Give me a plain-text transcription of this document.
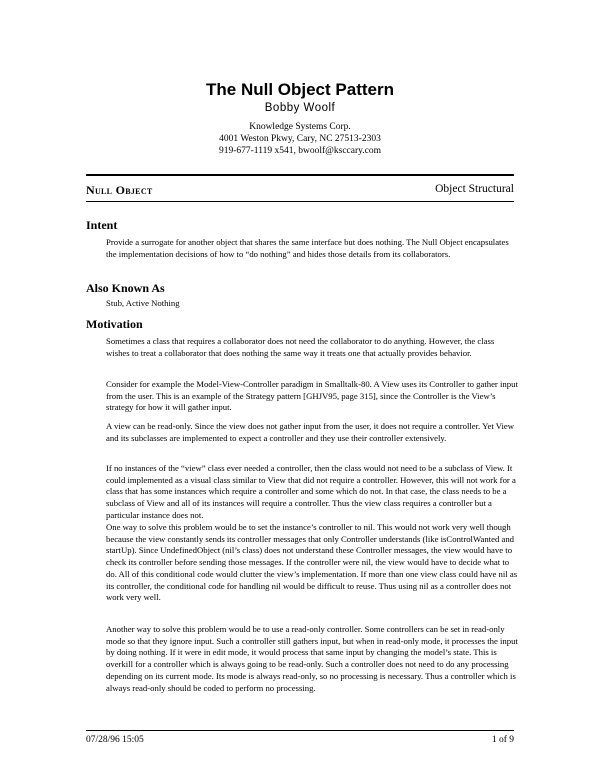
The Null Object Pattern
Bobby Woolf
Knowledge Systems Corp.
4001 Weston Pkwy, Cary, NC 27513-2303
919-677-1119 x541, bwoolf@ksccary.com
Null Object	Object Structural
Intent

Provide a surrogate for another object that shares the same interface but does nothing. The Null Object encapsulates the implementation decisions of how to “do nothing” and hides those details from its collaborators.

Also Known As

Stub, Active Nothing

Motivation

Sometimes a class that requires a collaborator does not need the collaborator to do anything. However, the class wishes to treat a collaborator that does nothing the same way it treats one that actually provides behavior.

Consider for example the Model-View-Controller paradigm in Smalltalk-80. A View uses its Controller to gather input from the user. This is an example of the Strategy pattern [GHJV95, page 315], since the Controller is the View’s strategy for how it will gather input.

A view can be read-only. Since the view does not gather input from the user, it does not require a controller. Yet View and its subclasses are implemented to expect a controller and they use their controller extensively.

If no instances of the “view” class ever needed a controller, then the class would not need to be a subclass of View. It could implemented as a visual class similar to View that did not require a controller. However, this will not work for a class that has some instances which require a controller and some which do not. In that case, the class needs to be a subclass of View and all of its instances will require a controller. Thus the view class requires a controller but a particular instance does not.

One way to solve this problem would be to set the instance’s controller to nil. This would not work very well though because the view constantly sends its controller messages that only Controller understands (like isControlWanted and startUp). Since UndefinedObject (nil’s class) does not understand these Controller messages, the view would have to check its controller before sending those messages. If the controller were nil, the view would have to decide what to do. All of this conditional code would clutter the view’s implementation. If more than one view class could have nil as its controller, the conditional code for handling nil would be difficult to reuse. Thus using nil as a controller does not work very well.

Another way to solve this problem would be to use a read-only controller. Some controllers can be set in read-only mode so that they ignore input. Such a controller still gathers input, but when in read-only mode, it processes the input by doing nothing. If it were in edit mode, it would process that same input by changing the model’s state. This is overkill for a controller which is always going to be read-only. Such a controller does not need to do any processing depending on its current mode. Its mode is always read-only, so no processing is necessary. Thus a controller which is always read-only should be coded to perform no processing.

07/28/96 15:05	1 of 9
